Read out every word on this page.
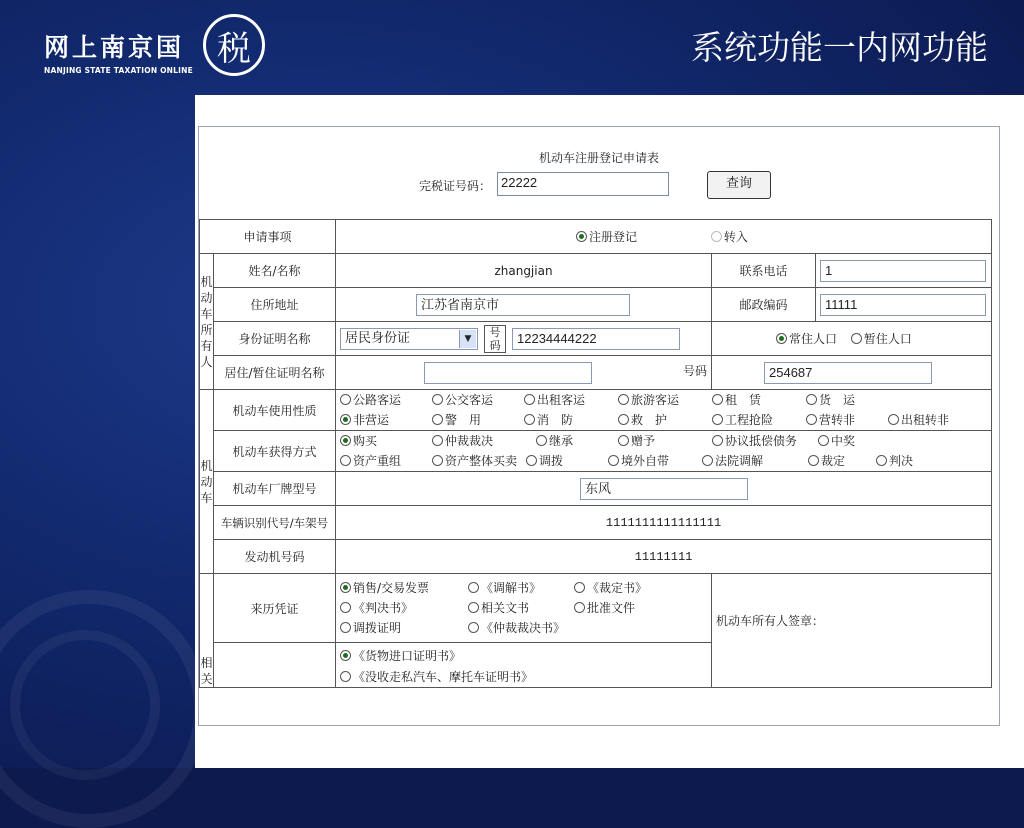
网上南京国
NANJING STATE TAXATION ONLINE
税	系统功能一内网功能
机动车注册登记申请表
完税证号码： 22222	查询
申请事项		注册登记 转入		
机动车所有人	姓名/名称	zhangjian	联系电话	1
	住所地址	江苏省南京市	邮政编码	11111
	身份证明名称	居民身份证 ▼ 号码 12234444222	常住人口 暂住人口	
	居住/暂住证明名称	号码	254687	
机动车	机动车使用性质	公路客运 公交客运 出租客运 旅游客运 租　赁 货　运
非营运 警　用 消　防 救　护 工程抢险 营转非 出租转非		

	机动车获得方式	购买 仲裁裁决 继承 赠予 协议抵偿债务 中奖
资产重组 资产整体买卖 调拨 境外自带 法院调解 裁定 判决		

	机动车厂牌型号	东风		
	车辆识别代号/车架号	1111111111111111		
	发动机号码	11111111		
相关	来历凭证	销售/交易发票 《调解书》 《裁定书》
《判决书》 相关文书 批准文件
调拨证明 《仲裁裁决书》	机动车所有人签章：	

		《货物进口证明书》
《没收走私汽车、摩托车证明书》		
